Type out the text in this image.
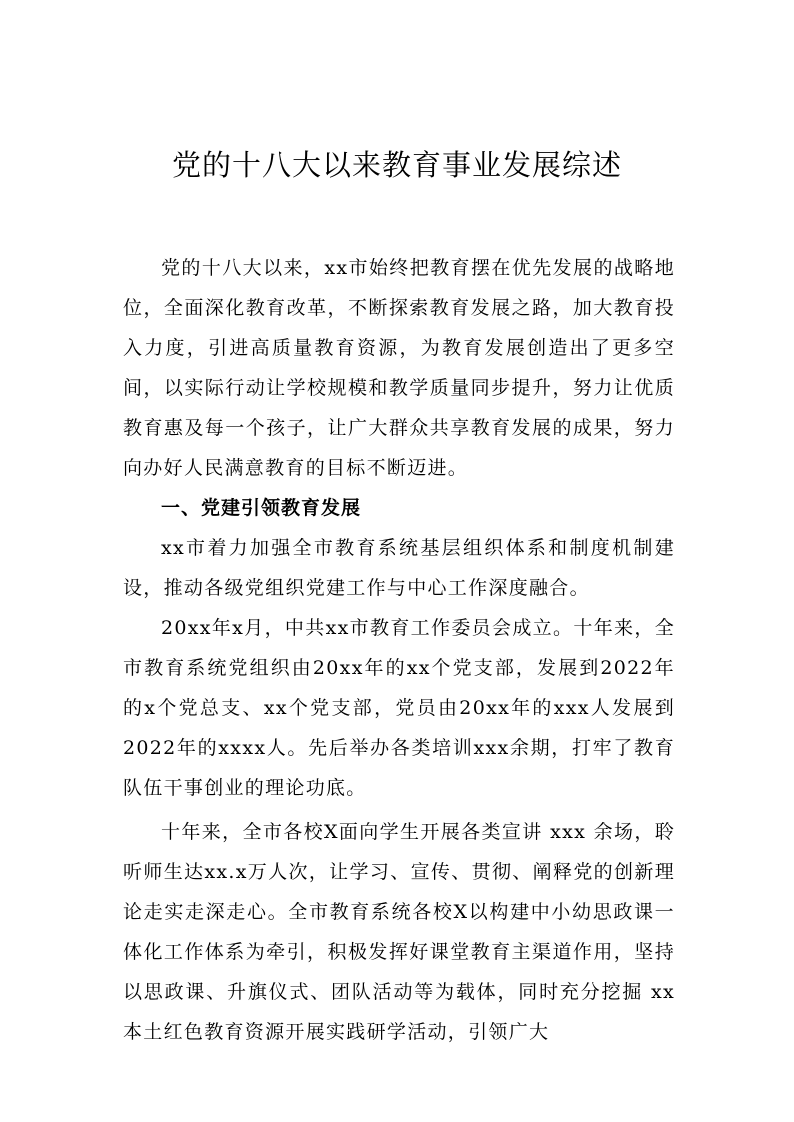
党的十八大以来教育事业发展综述

党的十八大以来，xx市始终把教育摆在优先发展的战略地位，全面深化教育改革，不断探索教育发展之路，加大教育投入力度，引进高质量教育资源，为教育发展创造出了更多空间，以实际行动让学校规模和教学质量同步提升，努力让优质教育惠及每一个孩子，让广大群众共享教育发展的成果，努力向办好人民满意教育的目标不断迈进。

一、党建引领教育发展

xx市着力加强全市教育系统基层组织体系和制度机制建设，推动各级党组织党建工作与中心工作深度融合。

20xx年x月，中共xx市教育工作委员会成立。十年来，全市教育系统党组织由20xx年的xx个党支部，发展到2022年的x个党总支、xx个党支部，党员由20xx年的xxx人发展到2022年的xxxx人。先后举办各类培训xxx余期，打牢了教育队伍干事创业的理论功底。

十年来，全市各校X面向学生开展各类宣讲 xxx 余场，聆听师生达xx.x万人次，让学习、宣传、贯彻、阐释党的创新理论走实走深走心。全市教育系统各校X以构建中小幼思政课一体化工作体系为牵引，积极发挥好课堂教育主渠道作用，坚持以思政课、升旗仪式、团队活动等为载体，同时充分挖掘 xx 本土红色教育资源开展实践研学活动，引领广大
